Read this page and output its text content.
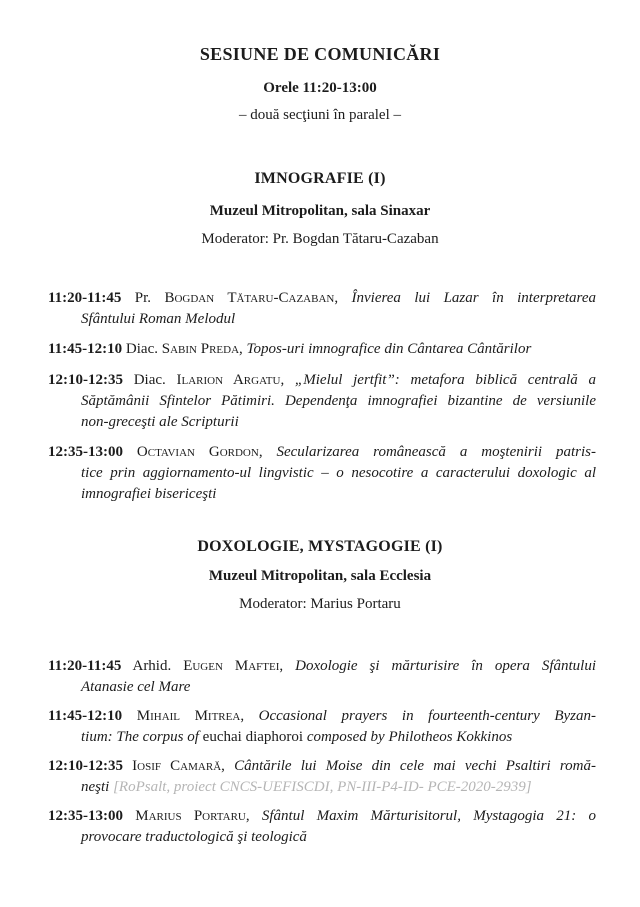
SESIUNE DE COMUNICĂRI
Orele 11:20-13:00
– două secţiuni în paralel –
IMNOGRAFIE (I)
Muzeul Mitropolitan, sala Sinaxar
Moderator: Pr. Bogdan Tătaru-Cazaban
11:20-11:45 Pr. Bogdan Tătaru-Cazaban, Învierea lui Lazar în interpretarea
Sfântului Roman Melodul
11:45-12:10 Diac. Sabin Preda, Topos-uri imnografice din Cântarea Cântărilor
12:10-12:35 Diac. Ilarion Argatu, „Mielul jertfit”: metafora biblică centrală a
Săptămânii Sfintelor Pătimiri. Dependenţa imnografiei bizantine de versiunile
non-greceşti ale Scripturii
12:35-13:00 Octavian Gordon, Secularizarea românească a moştenirii patris-
tice prin aggiornamento-ul lingvistic – o nesocotire a caracterului doxologic al
imnografiei bisericeşti
DOXOLOGIE, MYSTAGOGIE (I)
Muzeul Mitropolitan, sala Ecclesia
Moderator: Marius Portaru
11:20-11:45 Arhid. Eugen Maftei, Doxologie şi mărturisire în opera Sfântului
Atanasie cel Mare
11:45-12:10 Mihail Mitrea, Occasional prayers in fourteenth-century Byzan-
tium: The corpus of euchai diaphoroi composed by Philotheos Kokkinos
12:10-12:35 Iosif Camară, Cântările lui Moise din cele mai vechi Psaltiri romă-
neşti [RoPsalt, proiect CNCS-UEFISCDI, PN-III-P4-ID- PCE-2020-2939]
12:35-13:00 Marius Portaru, Sfântul Maxim Mărturisitorul, Mystagogia 21: o
provocare traductologică şi teologică
